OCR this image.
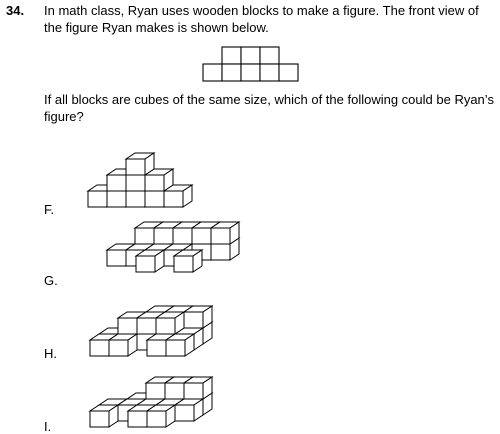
34. In math class, Ryan uses wooden blocks to make a figure. The front view of the figure Ryan makes is shown below.
If all blocks are cubes of the same size, which of the following could be Ryan’s figure?
F.
G.
H.
I.
